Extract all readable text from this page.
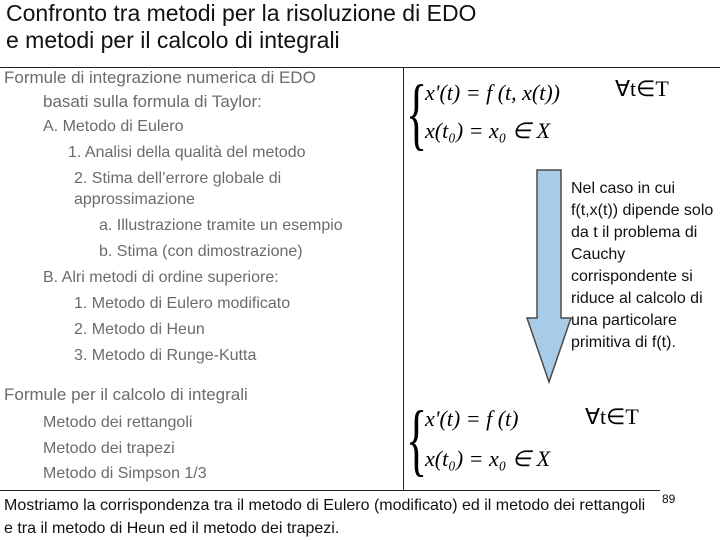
Confronto tra metodi per la risoluzione di EDO
e metodi per il calcolo di integrali
Formule di integrazione numerica di EDO
basati sulla formula di Taylor:
A. Metodo di Eulero
1. Analisi della qualità del metodo
2. Stima dell’errore globale di
approssimazione
a. Illustrazione tramite un esempio
b. Stima (con dimostrazione)
B. Alri metodi di ordine superiore:
1. Metodo di Eulero modificato
2. Metodo di Heun
3. Metodo di Runge-Kutta
Formule per il calcolo di integrali
Metodo dei rettangoli
Metodo dei trapezi
Metodo di Simpson 1/3
{
x'(t) = f (t, x(t))
x(t₀) = x₀ ∈ X
∀t∈T
Nel caso in cui f(t,x(t)) dipende solo da t il problema di Cauchy corrispondente si riduce al calcolo di una particolare primitiva di f(t).
{
x'(t) = f (t)
x(t₀) = x₀ ∈ X
∀t∈T
Mostriamo la corrispondenza tra il metodo di Eulero (modificato) ed il metodo dei rettangoli e tra il metodo di Heun ed il metodo dei trapezi.
89
